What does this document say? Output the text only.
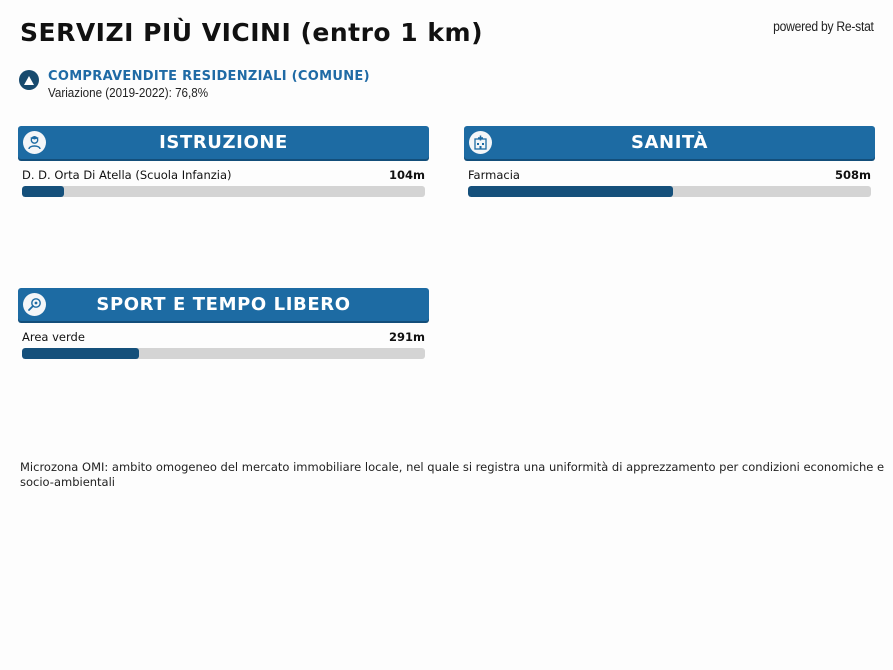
SERVIZI PIÙ VICINI (entro 1 km)	powered by Re-stat
COMPRAVENDITE RESIDENZIALI (COMUNE)
Variazione (2019-2022): 76,8%
ISTRUZIONE
D. D. Orta Di Atella (Scuola Infanzia)	104m
SANITÀ
Farmacia	508m
SPORT E TEMPO LIBERO
Area verde	291m
Microzona OMI: ambito omogeneo del mercato immobiliare locale, nel quale si registra una uniformità di apprezzamento per condizioni economiche e socio-ambientali
